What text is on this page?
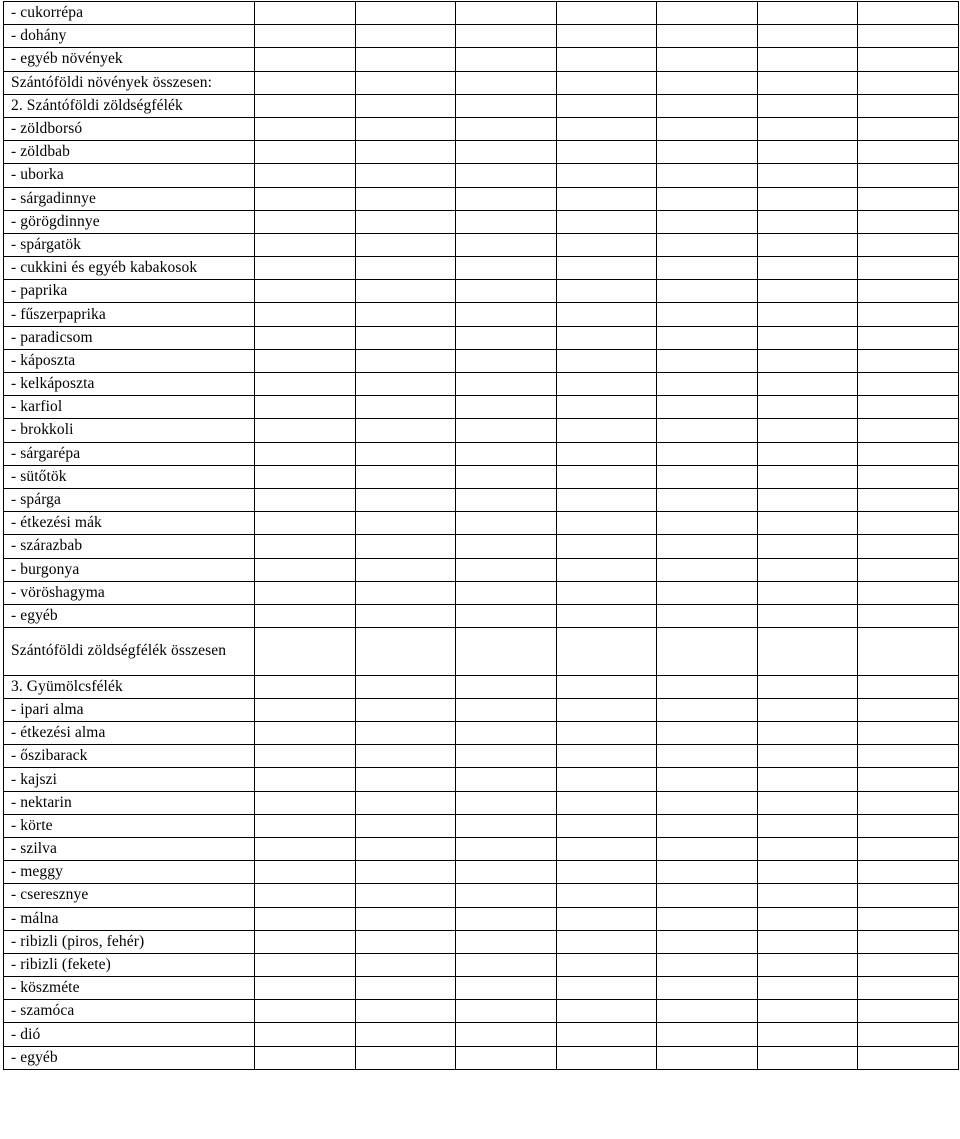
- cukorrépa							
- dohány							
- egyéb növények							
Szántóföldi növények összesen:							
2. Szántóföldi zöldségfélék							
- zöldborsó							
- zöldbab							
- uborka							
- sárgadinnye							
- görögdinnye							
- spárgatök							
- cukkini és egyéb kabakosok							
- paprika							
- fűszerpaprika							
- paradicsom							
- káposzta							
- kelkáposzta							
- karfiol							
- brokkoli							
- sárgarépa							
- sütőtök							
- spárga							
- étkezési mák							
- szárazbab							
- burgonya							
- vöröshagyma							
- egyéb							
Szántóföldi zöldségfélék összesen							
3. Gyümölcsfélék							
- ipari alma							
- étkezési alma							
- őszibarack							
- kajszi							
- nektarin							
- körte							
- szilva							
- meggy							
- cseresznye							
- málna							
- ribizli (piros, fehér)							
- ribizli (fekete)							
- köszméte							
- szamóca							
- dió							
- egyéb							
